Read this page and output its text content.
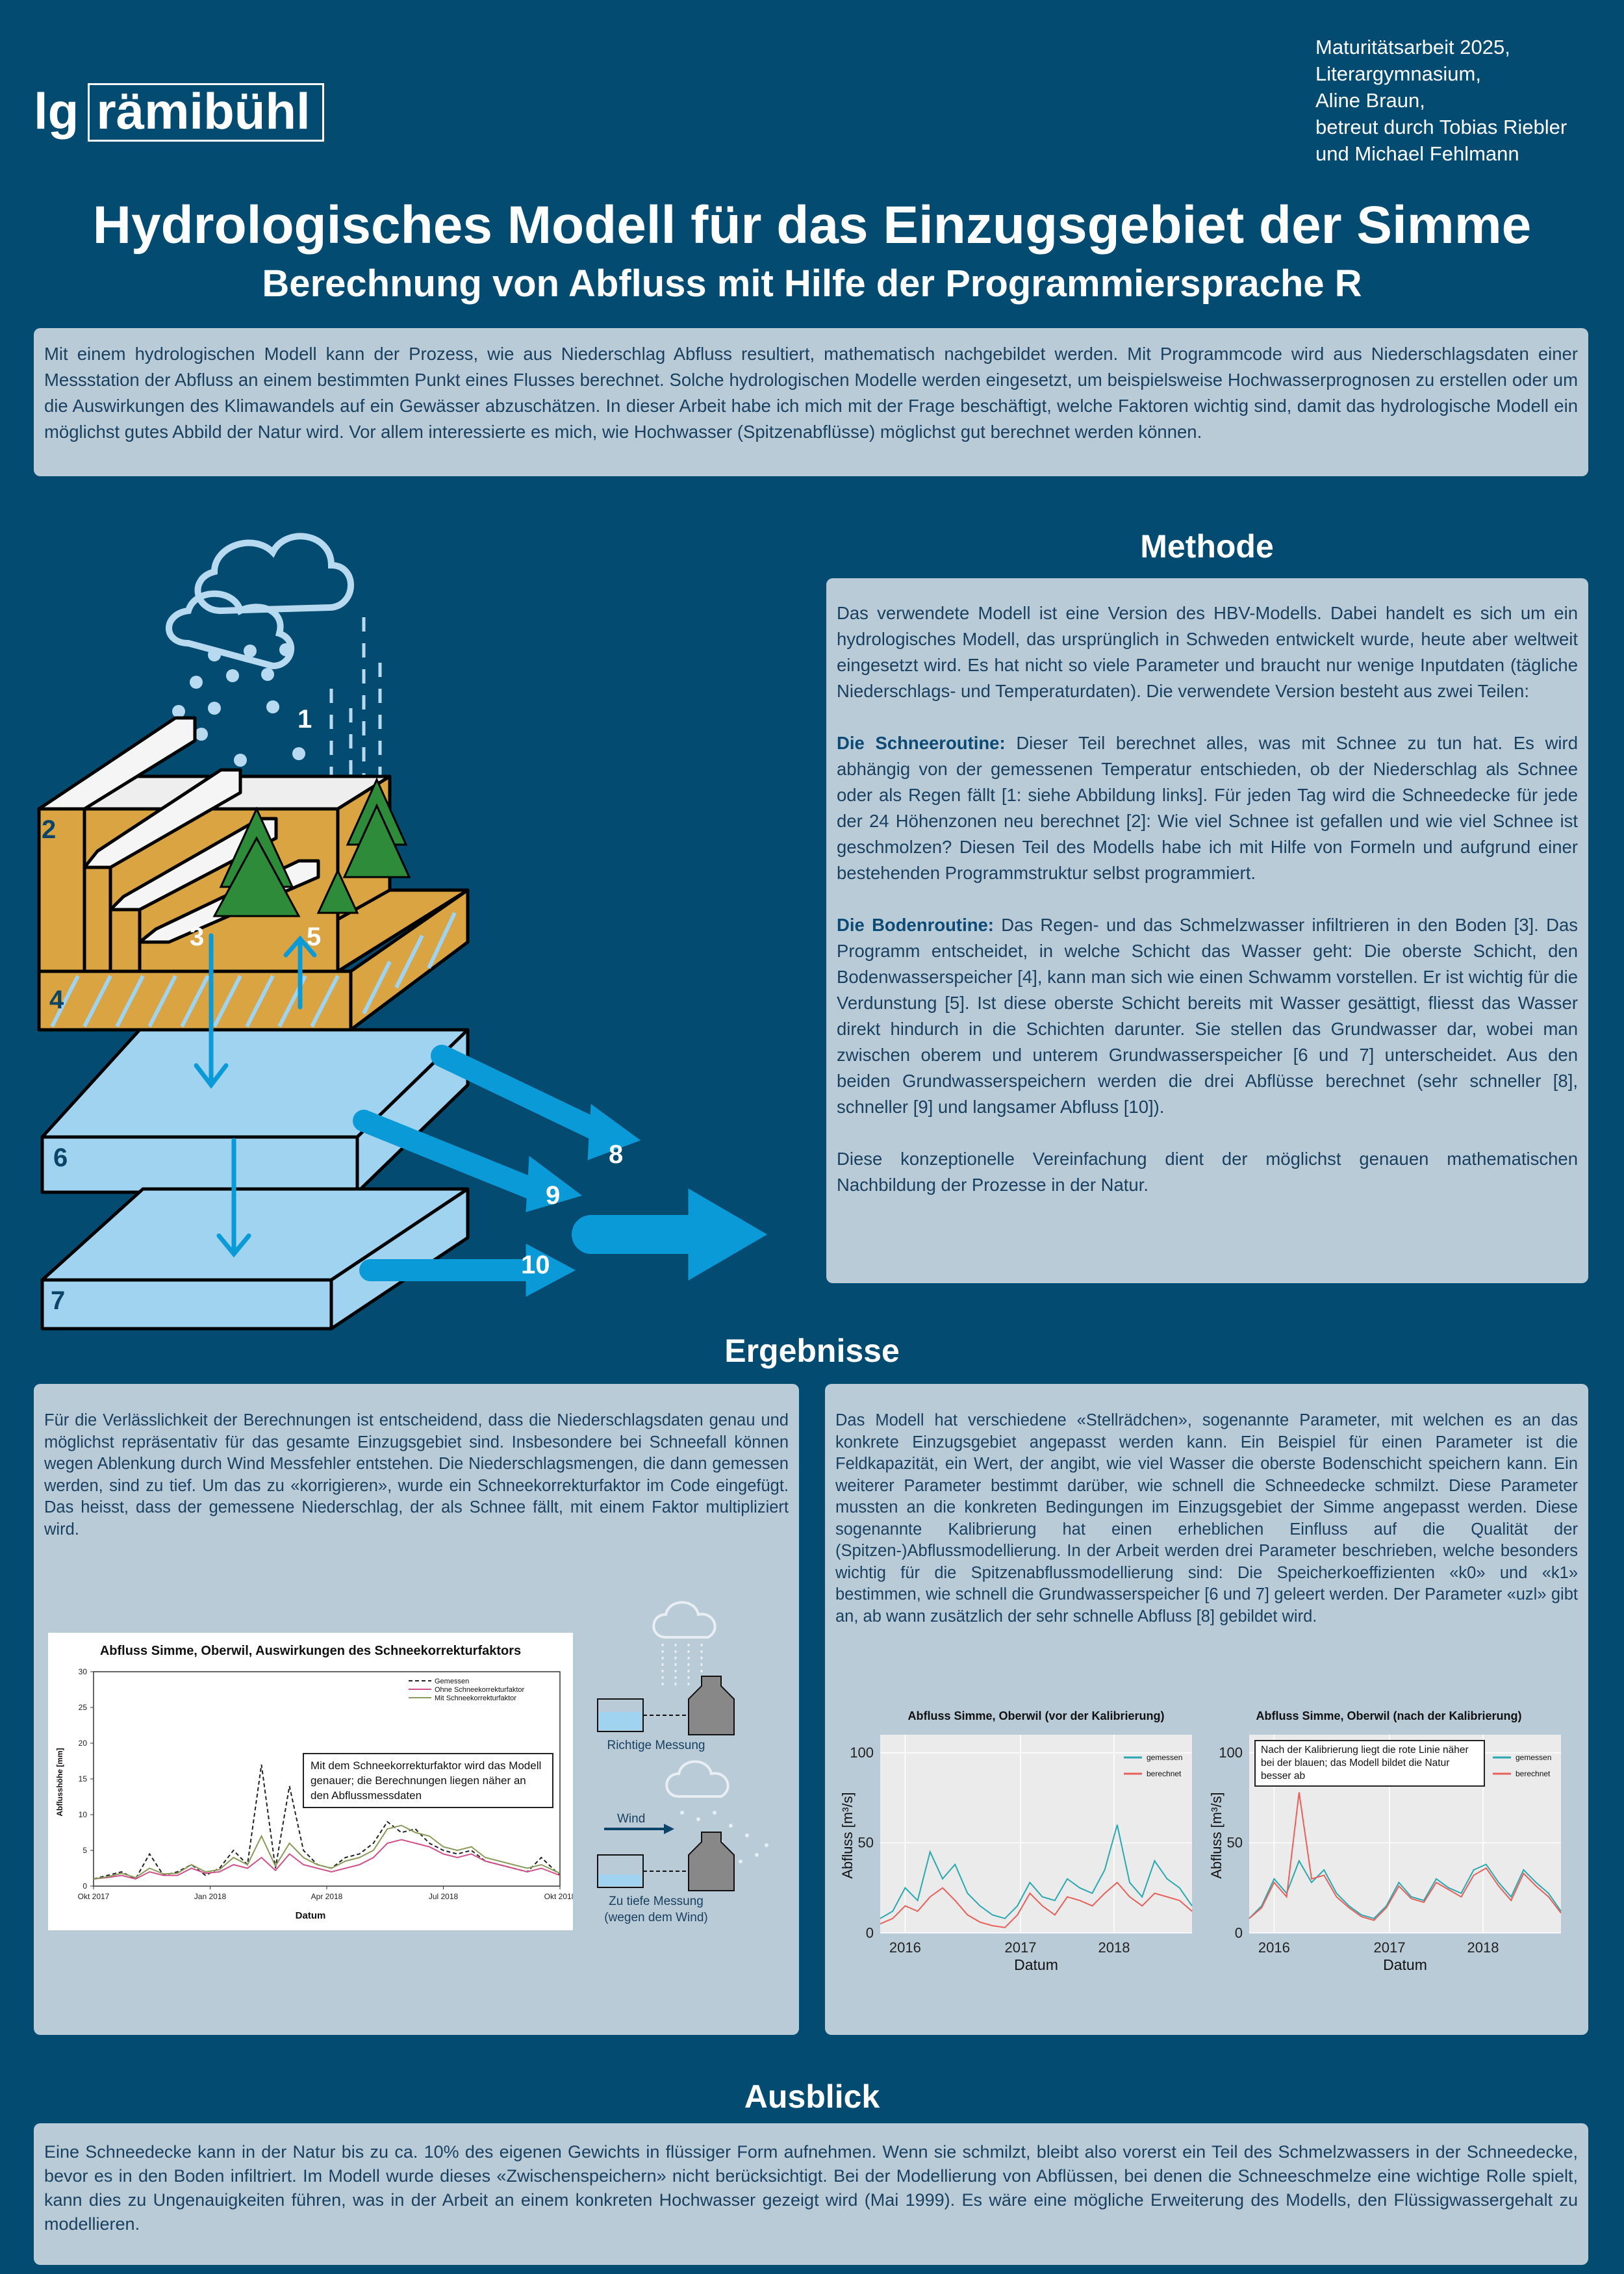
lg rämibühl
Maturitätsarbeit 2025,
Literargymnasium,
Aline Braun,
betreut durch Tobias Riebler
und Michael Fehlmann
Hydrologisches Modell für das Einzugsgebiet der Simme
Berechnung von Abfluss mit Hilfe der Programmiersprache R
Mit einem hydrologischen Modell kann der Prozess, wie aus Niederschlag Abfluss resultiert, mathematisch nachgebildet werden. Mit Programmcode wird aus Niederschlagsdaten einer Messstation der Abfluss an einem bestimmten Punkt eines Flusses berechnet. Solche hydrologischen Modelle werden eingesetzt, um beispielsweise Hochwasserprognosen zu erstellen oder um die Auswirkungen des Klimawandels auf ein Gewässer abzuschätzen. In dieser Arbeit habe ich mich mit der Frage beschäftigt, welche Faktoren wichtig sind, damit das hydrologische Modell ein möglichst gutes Abbild der Natur wird. Vor allem interessierte es mich, wie Hochwasser (Spitzenabflüsse) möglichst gut berechnet werden können.
1
2
3
4
5
6
7
8
9
10
Methode

Das verwendete Modell ist eine Version des HBV-Modells. Dabei handelt es sich um ein hydrologisches Modell, das ursprünglich in Schweden entwickelt wurde, heute aber weltweit eingesetzt wird. Es hat nicht so viele Parameter und braucht nur wenige Inputdaten (tägliche Niederschlags- und Temperaturdaten). Die verwendete Version besteht aus zwei Teilen:

Die Schneeroutine: Dieser Teil berechnet alles, was mit Schnee zu tun hat. Es wird abhängig von der gemessenen Temperatur entschieden, ob der Niederschlag als Schnee oder als Regen fällt [1: siehe Abbildung links]. Für jeden Tag wird die Schneedecke für jede der 24 Höhenzonen neu berechnet [2]: Wie viel Schnee ist gefallen und wie viel Schnee ist geschmolzen? Diesen Teil des Modells habe ich mit Hilfe von Formeln und aufgrund einer bestehenden Programmstruktur selbst programmiert.

Die Bodenroutine: Das Regen- und das Schmelzwasser infiltrieren in den Boden [3]. Das Programm entscheidet, in welche Schicht das Wasser geht: Die oberste Schicht, den Bodenwasserspeicher [4], kann man sich wie einen Schwamm vorstellen. Er ist wichtig für die Verdunstung [5]. Ist diese oberste Schicht bereits mit Wasser gesättigt, fliesst das Wasser direkt hindurch in die Schichten darunter. Sie stellen das Grundwasser dar, wobei man zwischen oberem und unterem Grundwasserspeicher [6 und 7] unterscheidet. Aus den beiden Grundwasserspeichern werden die drei Abflüsse berechnet (sehr schneller [8], schneller [9] und langsamer Abfluss [10]).

Diese konzeptionelle Vereinfachung dient der möglichst genauen mathematischen Nachbildung der Prozesse in der Natur.

Ergebnisse
Für die Verlässlichkeit der Berechnungen ist entscheidend, dass die Niederschlagsdaten genau und möglichst repräsentativ für das gesamte Einzugsgebiet sind. Insbesondere bei Schneefall können wegen Ablenkung durch Wind Messfehler entstehen. Die Niederschlagsmengen, die dann gemessen werden, sind zu tief. Um das zu «korrigieren», wurde ein Schneekorrekturfaktor im Code eingefügt. Das heisst, dass der gemessene Niederschlag, der als Schnee fällt, mit einem Faktor multipliziert wird.
Abfluss Simme, Oberwil, Auswirkungen des Schneekorrekturfaktors
0
5
10
15
20
25
30
Okt 2017	Jan 2018	Apr 2018	Jul 2018	Okt 2018
Datum
Abflusshöhe [mm]
Gemessen
Ohne Schneekorrekturfaktor
Mit Schneekorrekturfaktor
Mit dem Schneekorrekturfaktor wird das Modell genauer; die Berechnungen liegen näher an den Abflussmessdaten
Richtige Messung
Wind
Zu tiefe Messung
(wegen dem Wind)
Das Modell hat verschiedene «Stellrädchen», sogenannte Parameter, mit welchen es an das konkrete Einzugsgebiet angepasst werden kann. Ein Beispiel für einen Parameter ist die Feldkapazität, ein Wert, der angibt, wie viel Wasser die oberste Bodenschicht speichern kann. Ein weiterer Parameter bestimmt darüber, wie schnell die Schneedecke schmilzt. Diese Parameter mussten an die konkreten Bedingungen im Einzugsgebiet der Simme angepasst werden. Diese sogenannte Kalibrierung hat einen erheblichen Einfluss auf die Qualität der (Spitzen-)Abflussmodellierung. In der Arbeit werden drei Parameter beschrieben, welche besonders wichtig für die Spitzenabflussmodellierung sind: Die Speicherkoeffizienten «k0» und «k1» bestimmen, wie schnell die Grundwasserspeicher [6 und 7] geleert werden. Der Parameter «uzl» gibt an, ab wann zusätzlich der sehr schnelle Abfluss [8] gebildet wird.
Abfluss Simme, Oberwil (vor der Kalibrierung)
0
50
100
2016	2017	2018
Datum
Abfluss [m³/s]
gemessen
berechnet
Abfluss Simme, Oberwil (nach der Kalibrierung)
0
50
100
2016	2017	2018
Datum
Abfluss [m³/s]
gemessen
berechnet
Nach der Kalibrierung liegt die rote Linie näher bei der blauen; das Modell bildet die Natur besser ab
Ausblick
Eine Schneedecke kann in der Natur bis zu ca. 10% des eigenen Gewichts in flüssiger Form aufnehmen. Wenn sie schmilzt, bleibt also vorerst ein Teil des Schmelzwassers in der Schneedecke, bevor es in den Boden infiltriert. Im Modell wurde dieses «Zwischenspeichern» nicht berücksichtigt. Bei der Modellierung von Abflüssen, bei denen die Schneeschmelze eine wichtige Rolle spielt, kann dies zu Ungenauigkeiten führen, was in der Arbeit an einem konkreten Hochwasser gezeigt wird (Mai 1999). Es wäre eine mögliche Erweiterung des Modells, den Flüssigwassergehalt zu modellieren.
